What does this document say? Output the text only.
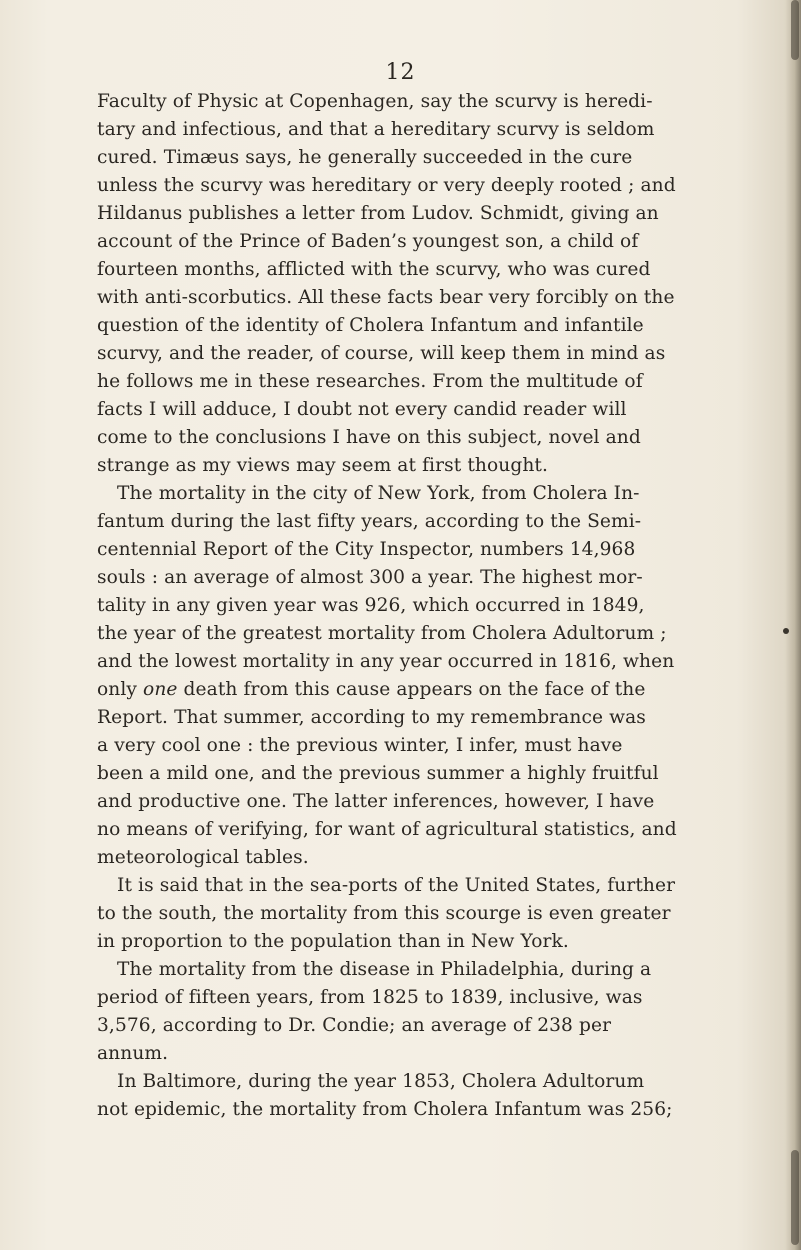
12
Faculty of Physic at Copenhagen, say the scurvy is heredi-
tary and infectious, and that a hereditary scurvy is seldom
cured. Timæus says, he generally succeeded in the cure
unless the scurvy was hereditary or very deeply rooted ; and
Hildanus publishes a letter from Ludov. Schmidt, giving an
account of the Prince of Baden’s youngest son, a child of
fourteen months, afflicted with the scurvy, who was cured
with anti-scorbutics. All these facts bear very forcibly on the
question of the identity of Cholera Infantum and infantile
scurvy, and the reader, of course, will keep them in mind as
he follows me in these researches. From the multitude of
facts I will adduce, I doubt not every candid reader will
come to the conclusions I have on this subject, novel and
strange as my views may seem at first thought.
The mortality in the city of New York, from Cholera In-
fantum during the last fifty years, according to the Semi-
centennial Report of the City Inspector, numbers 14,968
souls : an average of almost 300 a year. The highest mor-
tality in any given year was 926, which occurred in 1849,
the year of the greatest mortality from Cholera Adultorum ;
and the lowest mortality in any year occurred in 1816, when
only one death from this cause appears on the face of the
Report. That summer, according to my remembrance was
a very cool one : the previous winter, I infer, must have
been a mild one, and the previous summer a highly fruitful
and productive one. The latter inferences, however, I have
no means of verifying, for want of agricultural statistics, and
meteorological tables.
It is said that in the sea-ports of the United States, further
to the south, the mortality from this scourge is even greater
in proportion to the population than in New York.
The mortality from the disease in Philadelphia, during a
period of fifteen years, from 1825 to 1839, inclusive, was
3,576, according to Dr. Condie; an average of 238 per
annum.
In Baltimore, during the year 1853, Cholera Adultorum
not epidemic, the mortality from Cholera Infantum was 256;
